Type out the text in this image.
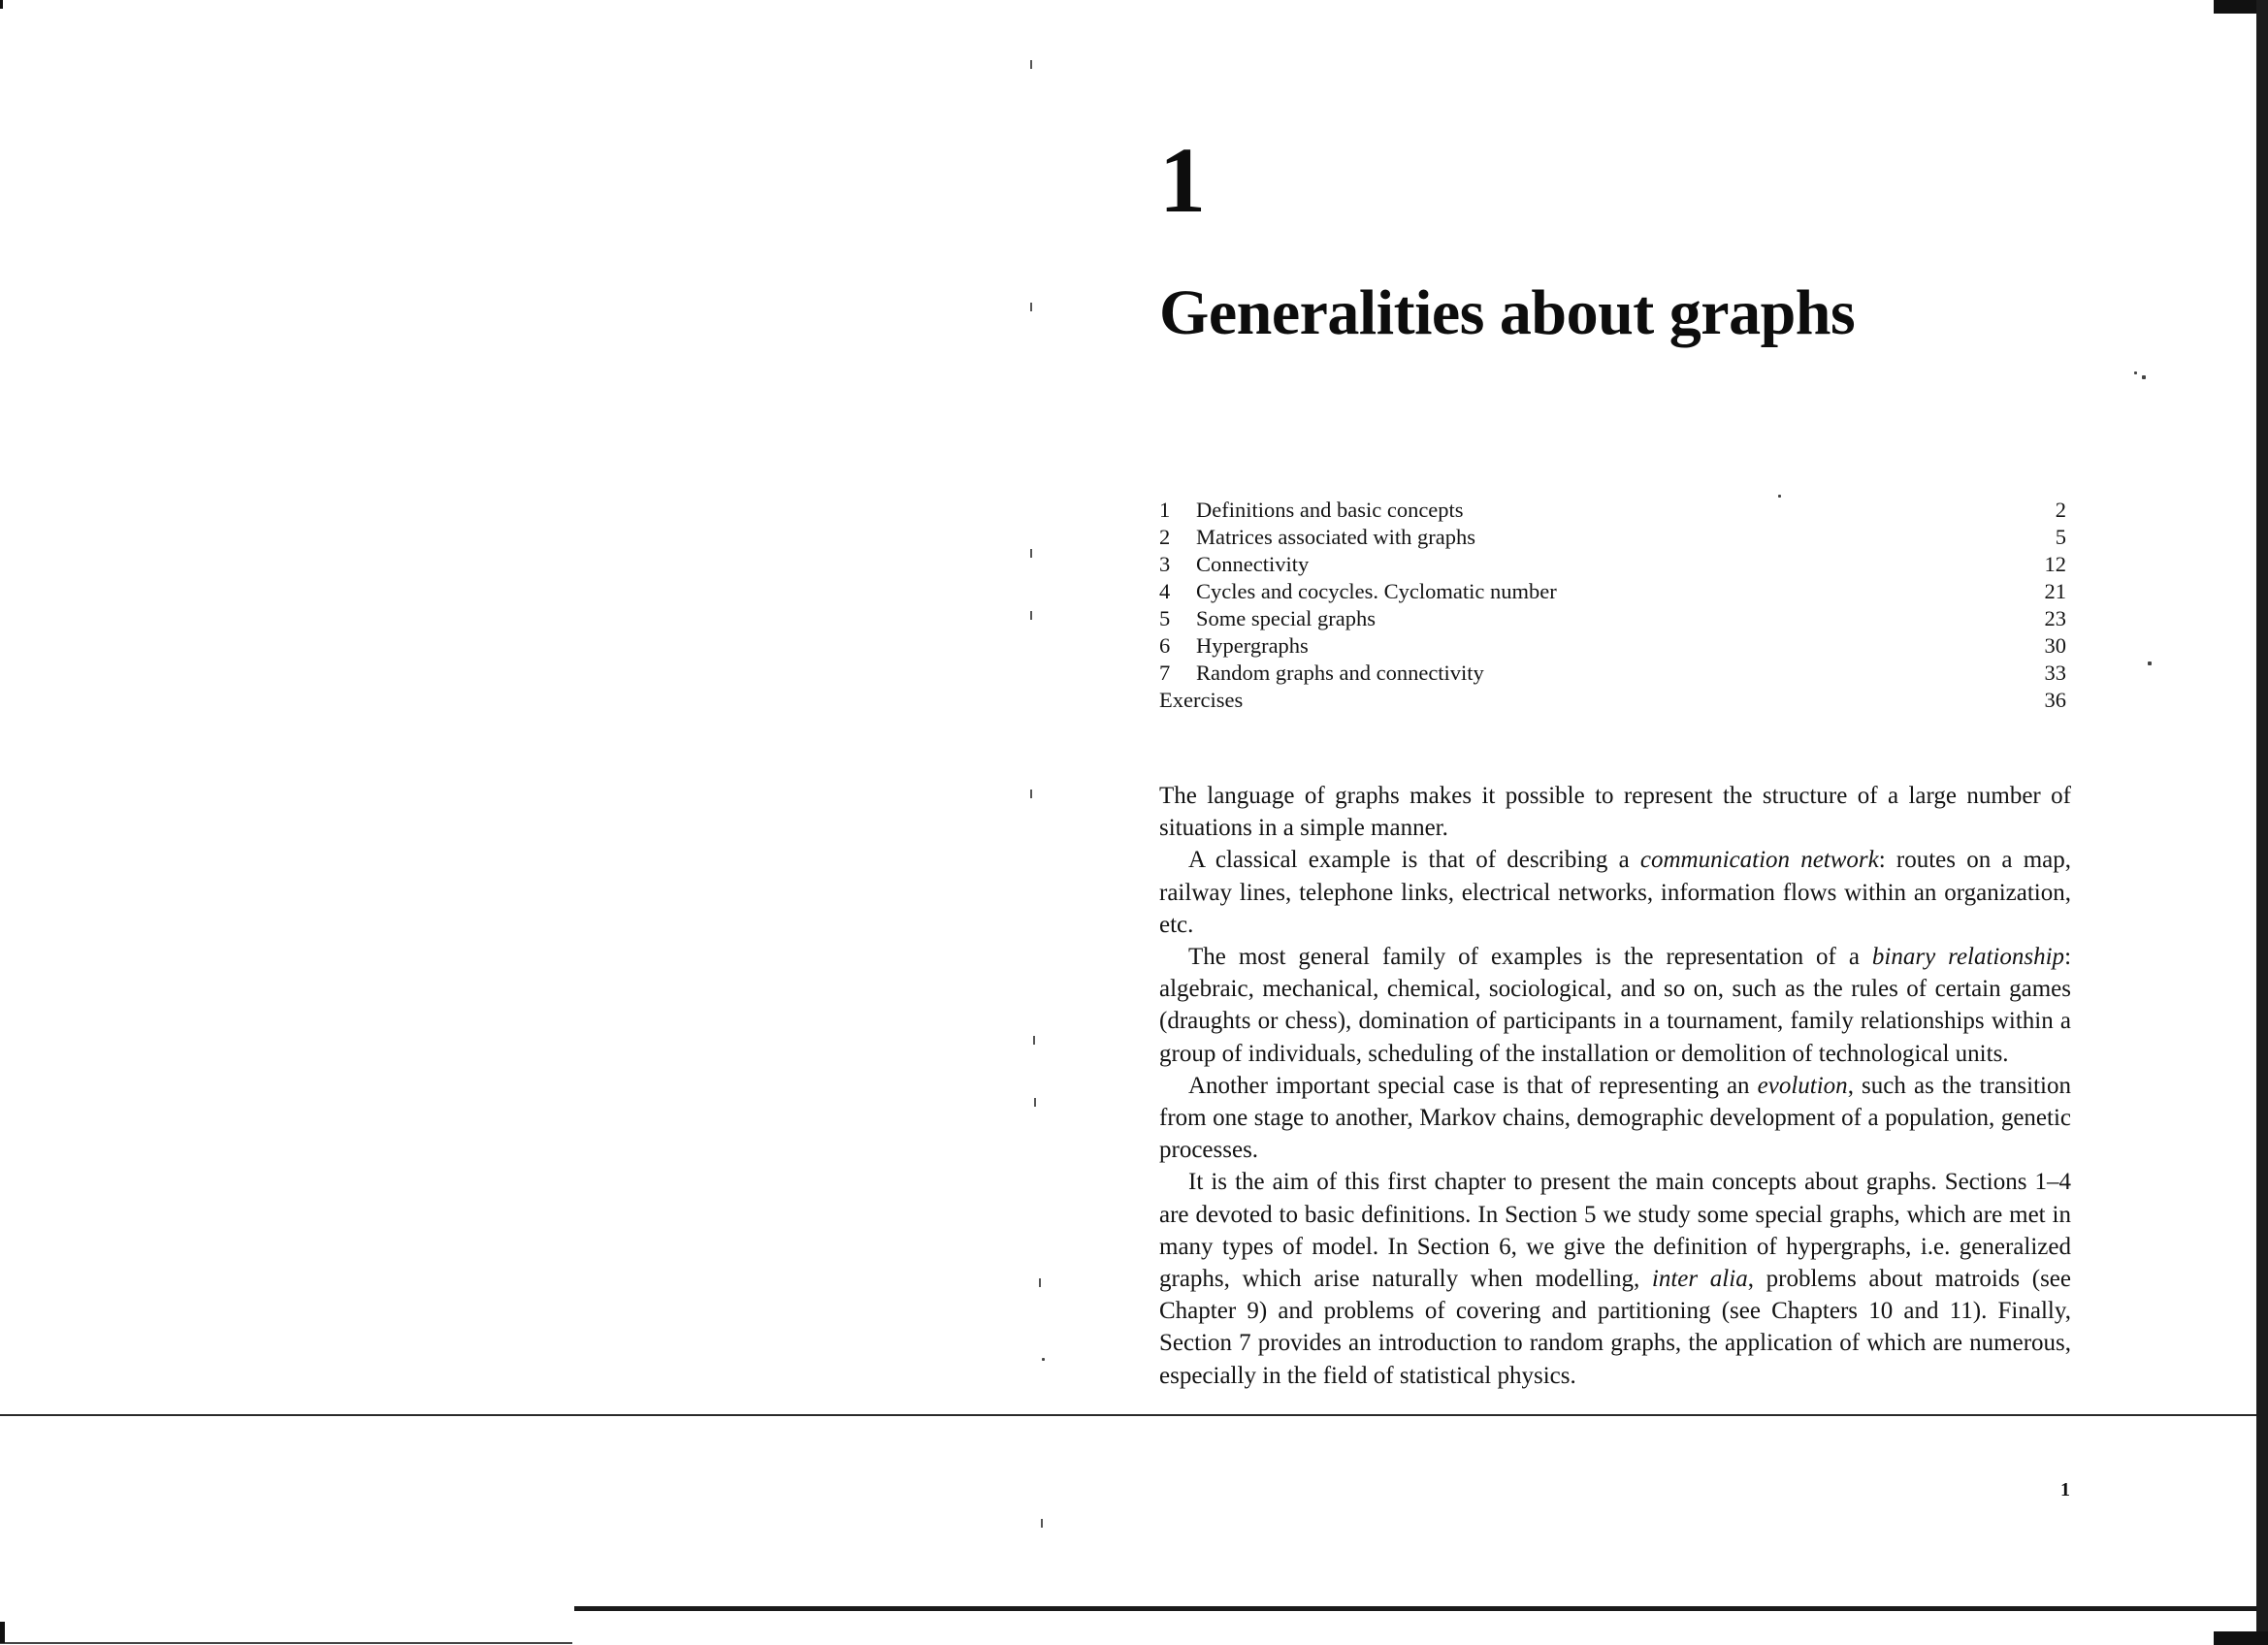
1
Generalities about graphs
1	Definitions and basic concepts	2
2	Matrices associated with graphs	5
3	Connectivity	12
4	Cycles and cocycles. Cyclomatic number	21
5	Some special graphs	23
6	Hypergraphs	30
7	Random graphs and connectivity	33
Exercises	36

The language of graphs makes it possible to represent the structure of a large number of situations in a simple manner.

A classical example is that of describing a communication network: routes on a map, railway lines, telephone links, electrical networks, information flows within an organization, etc.

The most general family of examples is the representation of a binary relationship: algebraic, mechanical, chemical, sociological, and so on, such as the rules of certain games (draughts or chess), domination of participants in a tournament, family relationships within a group of individuals, scheduling of the installation or demolition of technological units.

Another important special case is that of representing an evolution, such as the transition from one stage to another, Markov chains, demographic development of a population, genetic processes.

It is the aim of this first chapter to present the main concepts about graphs. Sections 1–4 are devoted to basic definitions. In Section 5 we study some special graphs, which are met in many types of model. In Section 6, we give the definition of hypergraphs, i.e. generalized graphs, which arise naturally when modelling, inter alia, problems about matroids (see Chapter 9) and problems of covering and partitioning (see Chapters 10 and 11). Finally, Section 7 provides an introduction to random graphs, the application of which are numerous, especially in the field of statistical physics.

1
